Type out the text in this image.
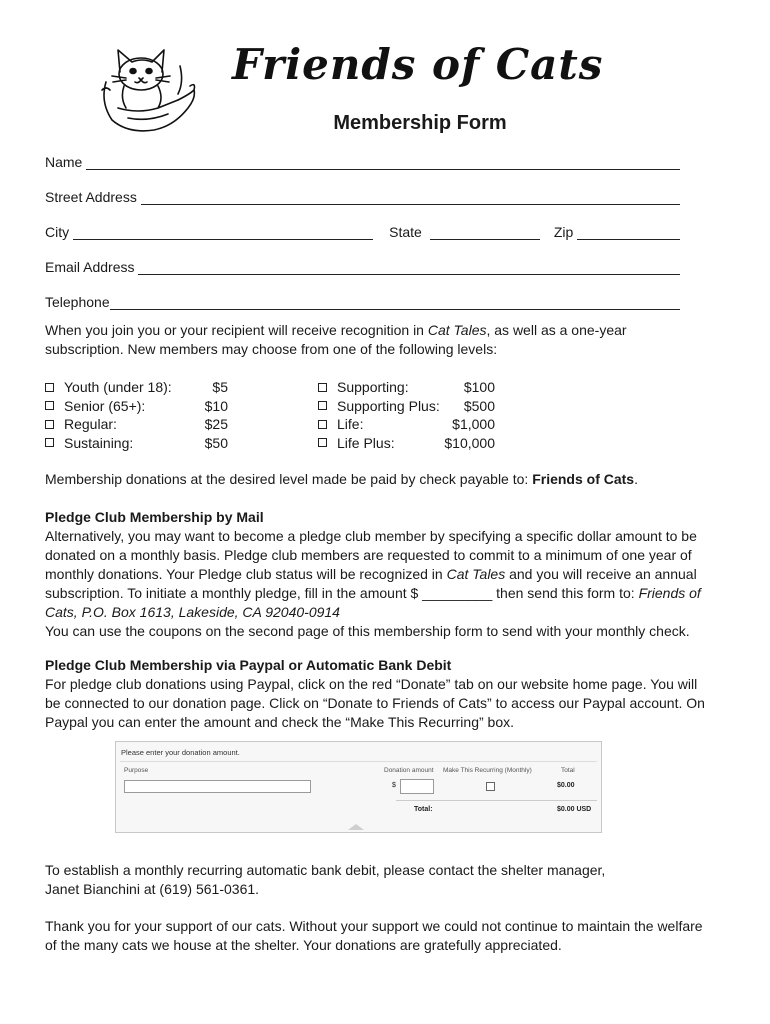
Friends of Cats
Membership Form
Name
Street Address
City	State	Zip
Email Address
Telephone
When you join you or your recipient will receive recognition in Cat Tales, as well as a one-year subscription. New members may choose from one of the following levels:
Youth (under 18):	$5
Senior (65+):	$10
Regular:	$25
Sustaining:	$50
Supporting:	$100
Supporting Plus:	$500
Life:	$1,000
Life Plus:	$10,000
Membership donations at the desired level made be paid by check payable to: Friends of Cats.
Pledge Club Membership by Mail
Alternatively, you may want to become a pledge club member by specifying a specific dollar amount to be donated on a monthly basis. Pledge club members are requested to commit to a minimum of one year of monthly donations. Your Pledge club status will be recognized in Cat Tales and you will receive an annual subscription. To initiate a monthly pledge, fill in the amount $ _________ then send this form to: Friends of Cats, P.O. Box 1613, Lakeside, CA 92040-0914
You can use the coupons on the second page of this membership form to send with your monthly check.
Pledge Club Membership via Paypal or Automatic Bank Debit
For pledge club donations using Paypal, click on the red “Donate” tab on our website home page. You will be connected to our donation page. Click on “Donate to Friends of Cats” to access our Paypal account. On Paypal you can enter the amount and check the “Make This Recurring” box.
Please enter your donation amount.
Purpose	Donation amount Make This Recurring (Monthly)	Total
$	$0.00
Total:	$0.00 USD
To establish a monthly recurring automatic bank debit, please contact the shelter manager,
Janet Bianchini at (619) 561-0361.
Thank you for your support of our cats. Without your support we could not continue to maintain the welfare of the many cats we house at the shelter. Your donations are gratefully appreciated.
